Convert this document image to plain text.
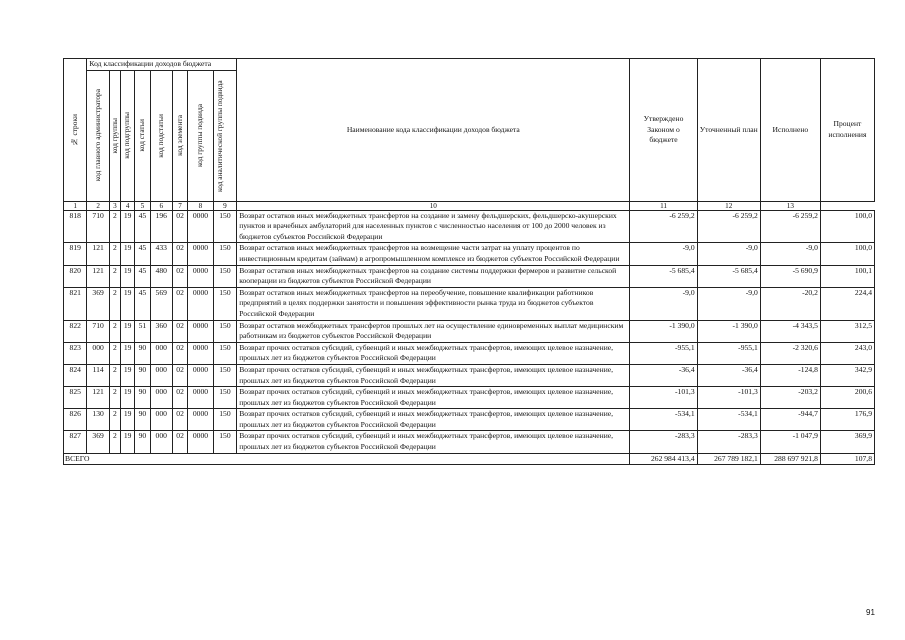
№ строки	Код классификации доходов бюджета								Наименование кода классификации доходов бюджета	Утверждено Законом о бюджете	Уточненный план	Исполнено	Процент исполнения

	код главного администратора	код группы	код подгруппы	код статьи	код подстатьи	код элемента	код группы подвида	код аналитической группы подвида					

1	2	3	4	5	6	7	8	9	10	11	12	13	
818	710	2	19	45	196	02	0000	150	Возврат остатков иных межбюджетных трансфертов на создание и замену фельдшерских, фельдшерско-акушерских пунктов и врачебных амбулаторий для населенных пунктов с численностью населения от 100 до 2000 человек из бюджетов субъектов Российской Федерации	-6 259,2	-6 259,2	-6 259,2	100,0
819	121	2	19	45	433	02	0000	150	Возврат остатков иных межбюджетных трансфертов на возмещение части затрат на уплату процентов по инвестиционным кредитам (займам) в агропромышленном комплексе из бюджетов субъектов Российской Федерации	-9,0	-9,0	-9,0	100,0
820	121	2	19	45	480	02	0000	150	Возврат остатков иных межбюджетных трансфертов на создание системы поддержки фермеров и развитие сельской кооперации из бюджетов субъектов Российской Федерации	-5 685,4	-5 685,4	-5 690,9	100,1
821	369	2	19	45	569	02	0000	150	Возврат остатков иных межбюджетных трансфертов на переобучение, повышение квалификации работников предприятий в целях поддержки занятости и повышения эффективности рынка труда из бюджетов субъектов Российской Федерации	-9,0	-9,0	-20,2	224,4
822	710	2	19	51	360	02	0000	150	Возврат остатков межбюджетных трансфертов прошлых лет на осуществление единовременных выплат медицинским работникам из бюджетов субъектов Российской Федерации	-1 390,0	-1 390,0	-4 343,5	312,5
823	000	2	19	90	000	02	0000	150	Возврат прочих остатков субсидий, субвенций и иных межбюджетных трансфертов, имеющих целевое назначение, прошлых лет из бюджетов субъектов Российской Федерации	-955,1	-955,1	-2 320,6	243,0
824	114	2	19	90	000	02	0000	150	Возврат прочих остатков субсидий, субвенций и иных межбюджетных трансфертов, имеющих целевое назначение, прошлых лет из бюджетов субъектов Российской Федерации	-36,4	-36,4	-124,8	342,9
825	121	2	19	90	000	02	0000	150	Возврат прочих остатков субсидий, субвенций и иных межбюджетных трансфертов, имеющих целевое назначение, прошлых лет из бюджетов субъектов Российской Федерации	-101,3	-101,3	-203,2	200,6
826	130	2	19	90	000	02	0000	150	Возврат прочих остатков субсидий, субвенций и иных межбюджетных трансфертов, имеющих целевое назначение, прошлых лет из бюджетов субъектов Российской Федерации	-534,1	-534,1	-944,7	176,9
827	369	2	19	90	000	02	0000	150	Возврат прочих остатков субсидий, субвенций и иных межбюджетных трансфертов, имеющих целевое назначение, прошлых лет из бюджетов субъектов Российской Федерации	-283,3	-283,3	-1 047,9	369,9
ВСЕГО										262 984 413,4	267 789 182,1	288 697 921,8	107,8
91
